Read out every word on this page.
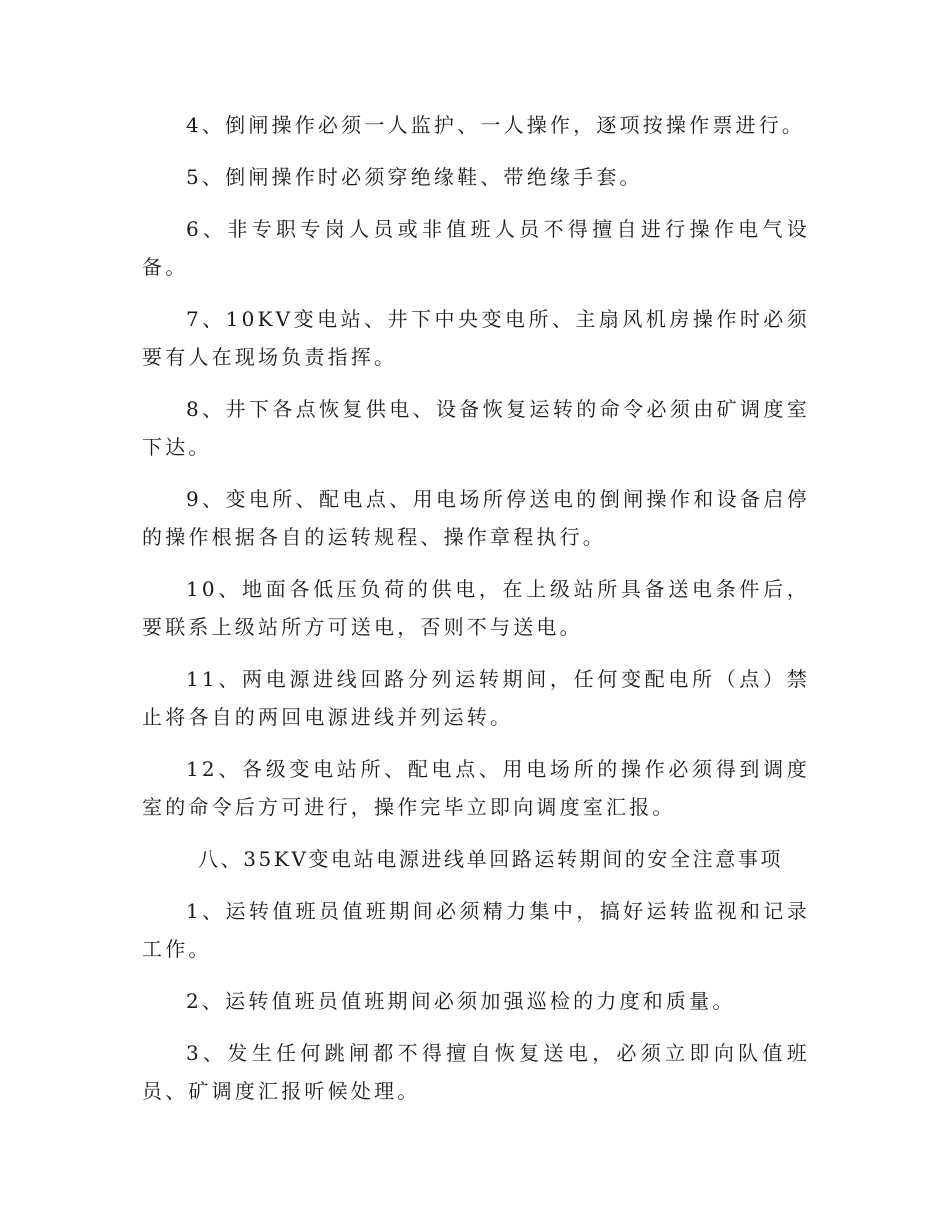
4、倒闸操作必须一人监护、一人操作，逐项按操作票进行。

5、倒闸操作时必须穿绝缘鞋、带绝缘手套。

6、非专职专岗人员或非值班人员不得擅自进行操作电气设备。

7、10KV变电站、井下中央变电所、主扇风机房操作时必须要有人在现场负责指挥。

8、井下各点恢复供电、设备恢复运转的命令必须由矿调度室下达。

9、变电所、配电点、用电场所停送电的倒闸操作和设备启停的操作根据各自的运转规程、操作章程执行。

10、地面各低压负荷的供电，在上级站所具备送电条件后，要联系上级站所方可送电，否则不与送电。

11、两电源进线回路分列运转期间，任何变配电所（点）禁止将各自的两回电源进线并列运转。

12、各级变电站所、配电点、用电场所的操作必须得到调度室的命令后方可进行，操作完毕立即向调度室汇报。

八、35KV变电站电源进线单回路运转期间的安全注意事项

1、运转值班员值班期间必须精力集中，搞好运转监视和记录工作。

2、运转值班员值班期间必须加强巡检的力度和质量。

3、发生任何跳闸都不得擅自恢复送电，必须立即向队值班员、矿调度汇报听候处理。
